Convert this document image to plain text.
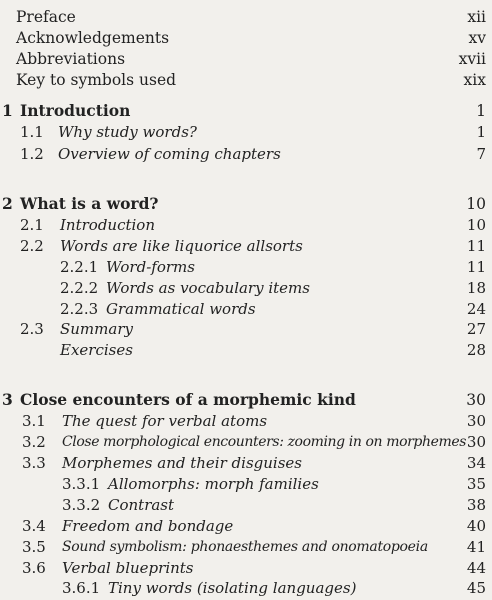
Preface	xii
Acknowledgements	xv
Abbreviations	xvii
Key to symbols used	xix
1 Introduction	1
1.1 Why study words?	1
1.2 Overview of coming chapters	7
2 What is a word?	10
2.1 Introduction	10
2.2 Words are like liquorice allsorts	11
2.2.1 Word-forms	11
2.2.2 Words as vocabulary items	18
2.2.3 Grammatical words	24
2.3 Summary	27
Exercises	28
3 Close encounters of a morphemic kind	30
3.1 The quest for verbal atoms	30
3.2 Close morphological encounters: zooming in on morphemes 30
3.3 Morphemes and their disguises	34
3.3.1 Allomorphs: morph families	35
3.3.2 Contrast	38
3.4 Freedom and bondage	40
3.5 Sound symbolism: phonaesthemes and onomatopoeia	41
3.6 Verbal blueprints	44
3.6.1 Tiny words (isolating languages)	45
